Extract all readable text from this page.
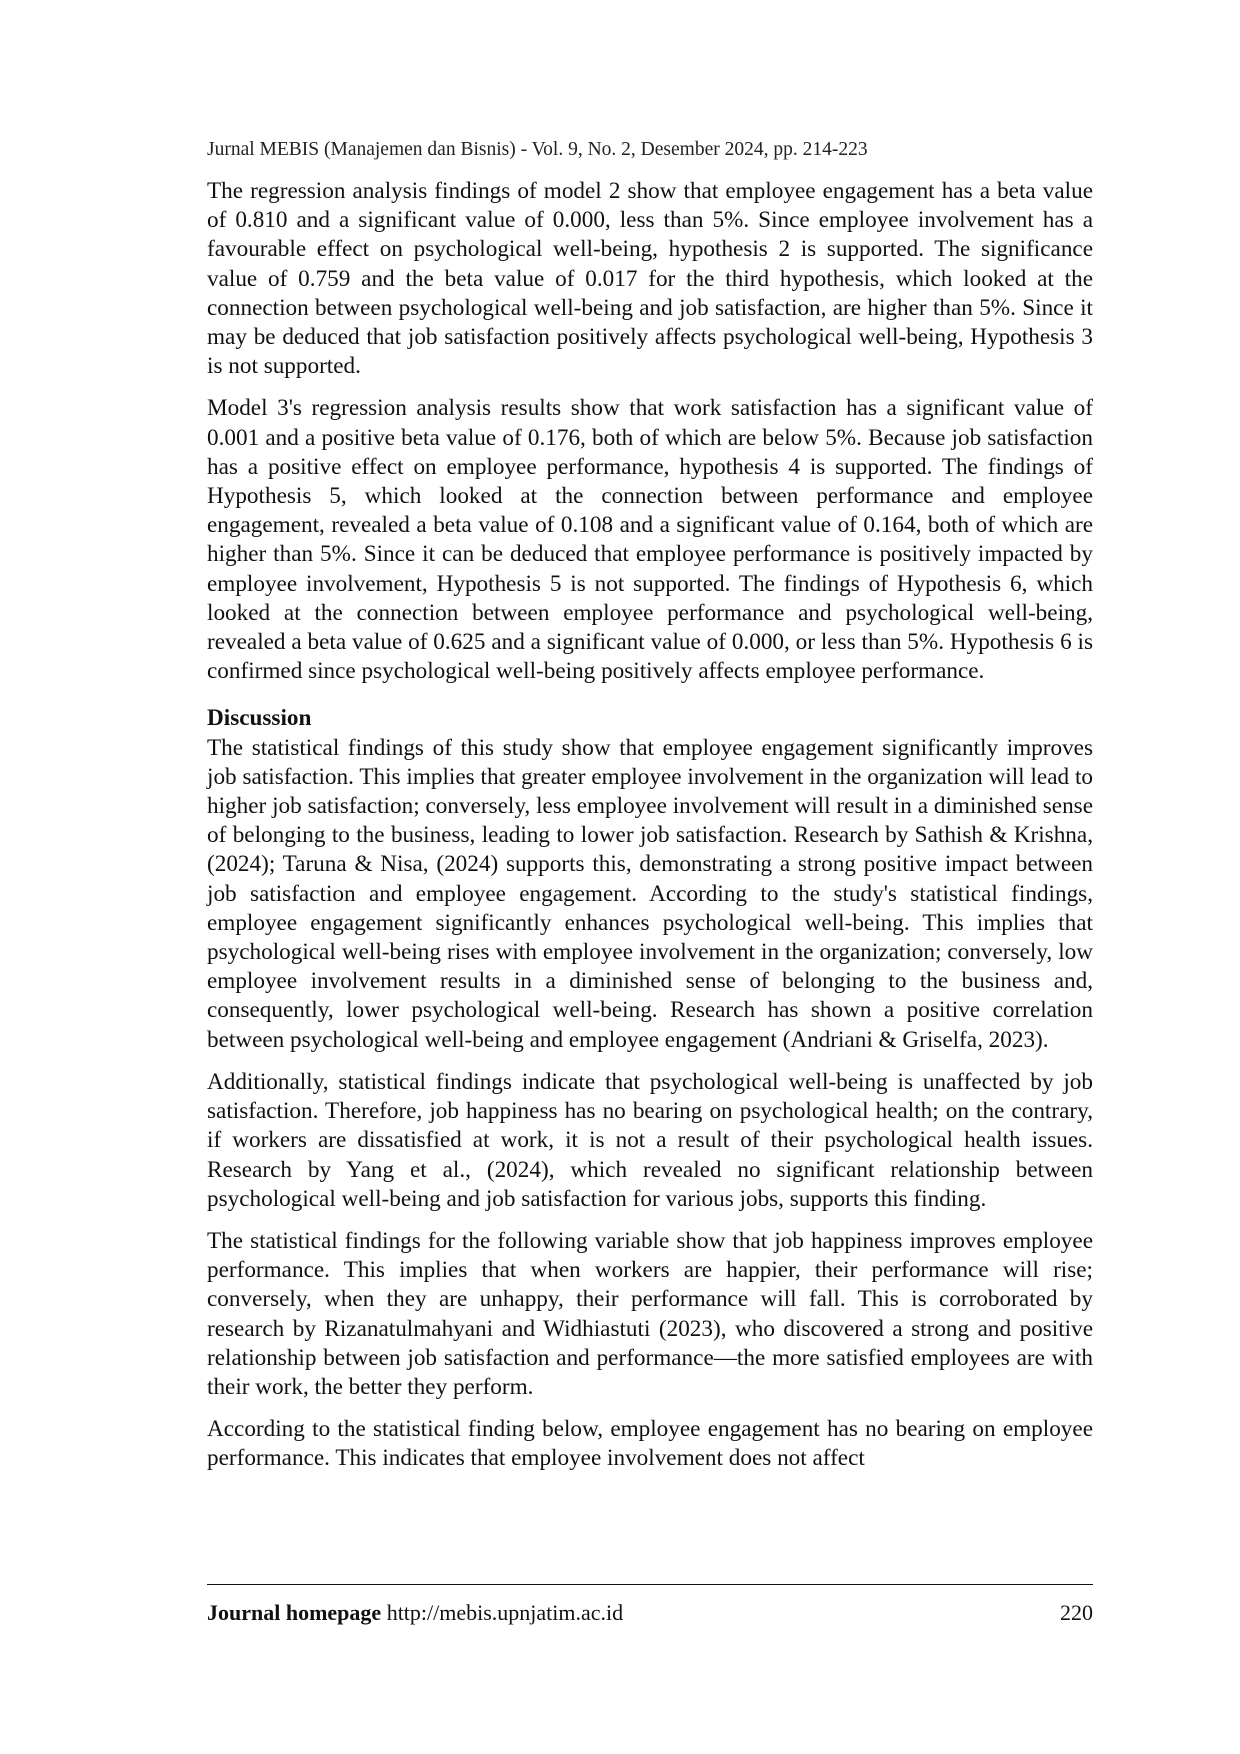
Jurnal MEBIS (Manajemen dan Bisnis) - Vol. 9, No. 2, Desember 2024, pp. 214-223

The regression analysis findings of model 2 show that employee engagement has a beta value of 0.810 and a significant value of 0.000, less than 5%. Since employee involvement has a favourable effect on psychological well-being, hypothesis 2 is supported. The significance value of 0.759 and the beta value of 0.017 for the third hypothesis, which looked at the connection between psychological well-being and job satisfaction, are higher than 5%. Since it may be deduced that job satisfaction positively affects psychological well-being, Hypothesis 3 is not supported.

Model 3's regression analysis results show that work satisfaction has a significant value of 0.001 and a positive beta value of 0.176, both of which are below 5%. Because job satisfaction has a positive effect on employee performance, hypothesis 4 is supported. The findings of Hypothesis 5, which looked at the connection between performance and employee engagement, revealed a beta value of 0.108 and a significant value of 0.164, both of which are higher than 5%. Since it can be deduced that employee performance is positively impacted by employee involvement, Hypothesis 5 is not supported. The findings of Hypothesis 6, which looked at the connection between employee performance and psychological well-being, revealed a beta value of 0.625 and a significant value of 0.000, or less than 5%. Hypothesis 6 is confirmed since psychological well-being positively affects employee performance.

Discussion

The statistical findings of this study show that employee engagement significantly improves job satisfaction. This implies that greater employee involvement in the organization will lead to higher job satisfaction; conversely, less employee involvement will result in a diminished sense of belonging to the business, leading to lower job satisfaction. Research by Sathish & Krishna, (2024); Taruna & Nisa, (2024) supports this, demonstrating a strong positive impact between job satisfaction and employee engagement. According to the study's statistical findings, employee engagement significantly enhances psychological well-being. This implies that psychological well-being rises with employee involvement in the organization; conversely, low employee involvement results in a diminished sense of belonging to the business and, consequently, lower psychological well-being. Research has shown a positive correlation between psychological well-being and employee engagement (Andriani & Griselfa, 2023).

Additionally, statistical findings indicate that psychological well-being is unaffected by job satisfaction. Therefore, job happiness has no bearing on psychological health; on the contrary, if workers are dissatisfied at work, it is not a result of their psychological health issues. Research by Yang et al., (2024), which revealed no significant relationship between psychological well-being and job satisfaction for various jobs, supports this finding.

The statistical findings for the following variable show that job happiness improves employee performance. This implies that when workers are happier, their performance will rise; conversely, when they are unhappy, their performance will fall. This is corroborated by research by Rizanatulmahyani and Widhiastuti (2023), who discovered a strong and positive relationship between job satisfaction and performance—the more satisfied employees are with their work, the better they perform.

According to the statistical finding below, employee engagement has no bearing on employee performance. This indicates that employee involvement does not affect

Journal homepage http://mebis.upnjatim.ac.id	220
